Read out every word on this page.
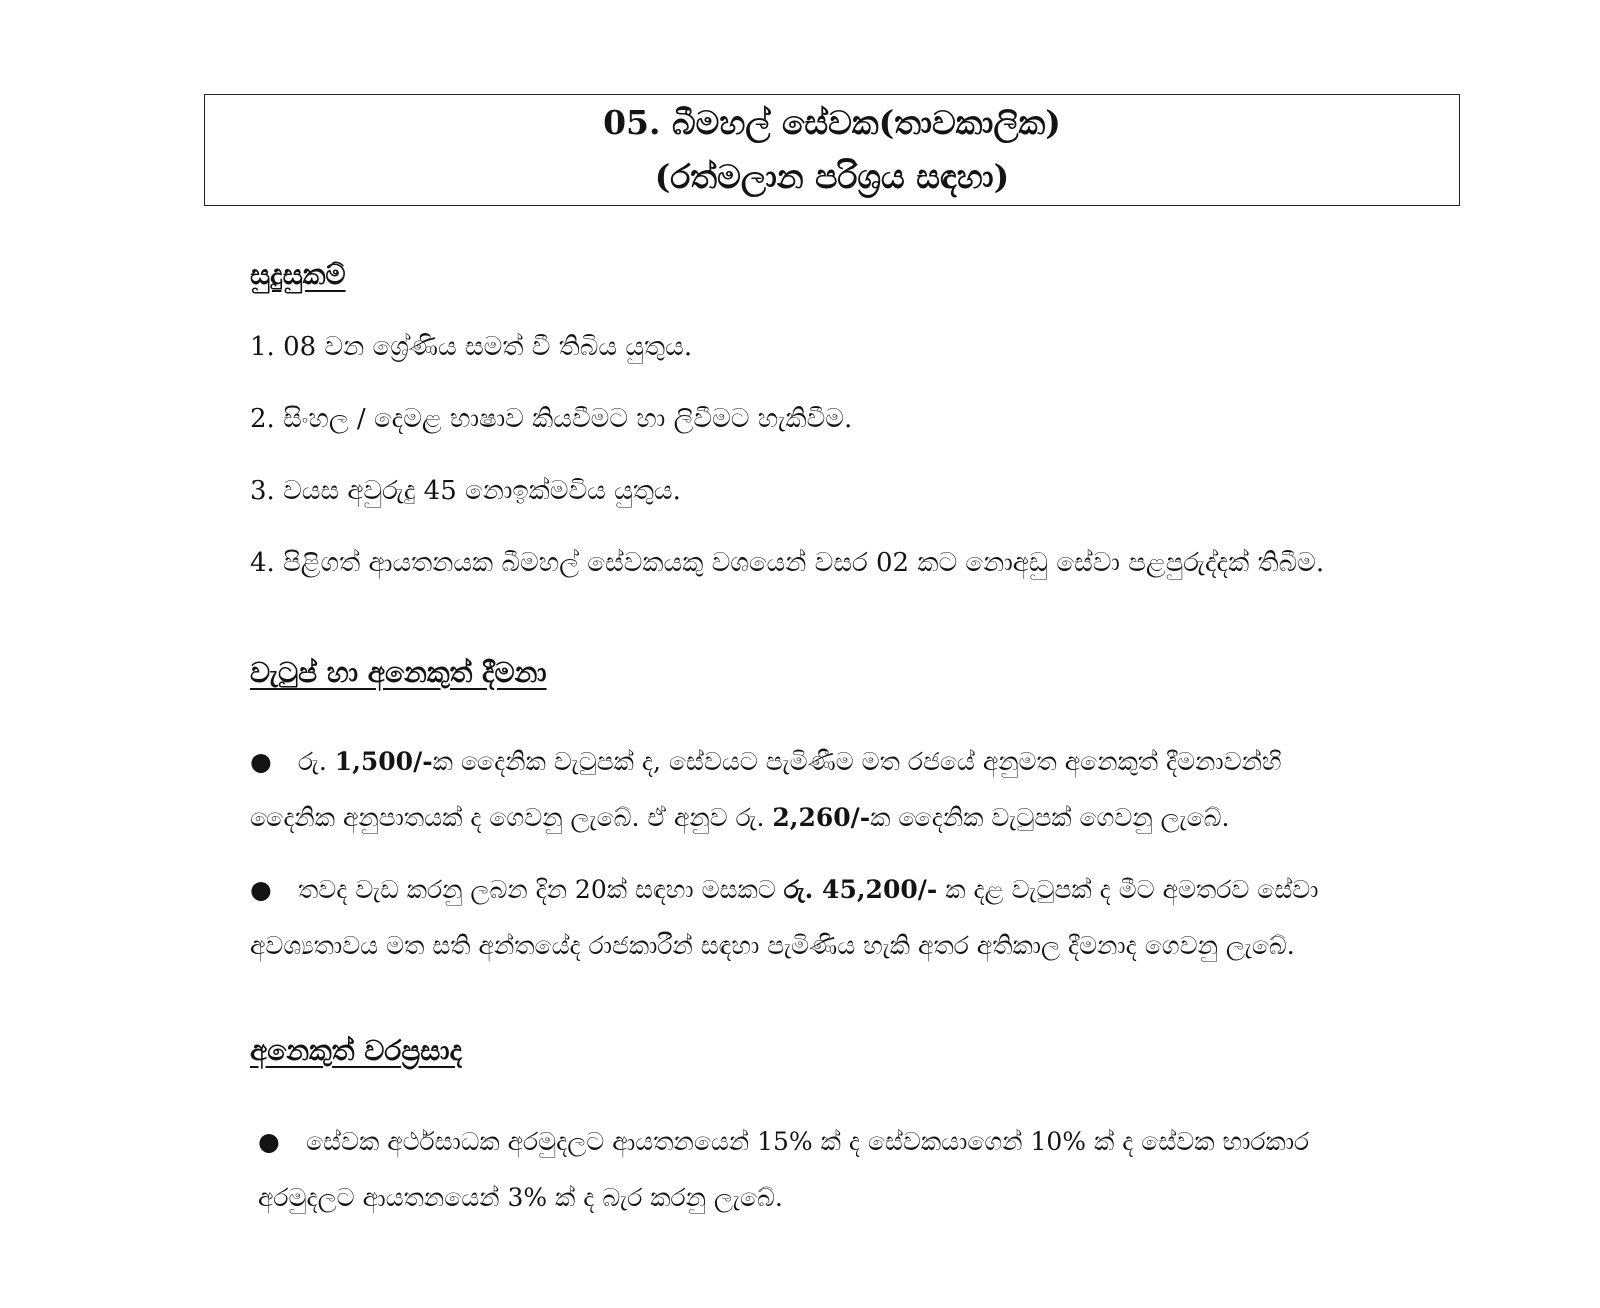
05. බීමහල් සේවක(තාවකාලික)
(රත්මලාන පරිශ්‍රය සඳහා)
සුදුසුකම්
1. 08 වන ශ්‍රේණිය සමත් වී තිබිය යුතුය.
2. සිංහල / දෙමළ භාෂාව කියවීමට හා ලිවීමට හැකිවීම.
3. වයස අවුරුදු 45 නොඉක්මවිය යුතුය.
4. පිළිගත් ආයතනයක බීමහල් සේවකයකු වශයෙන් වසර 02 කට නොඅඩු සේවා පළපුරුද්දක් තිබීම.
වැටුප් හා අනෙකුත් දීමනා
● රු. 1,500/-ක දෛනික වැටුපක් ද, සේවයට පැමිණීම මත රජයේ අනුමත අනෙකුත් දීමනාවන්හි
දෛනික අනුපාතයක් ද ගෙවනු ලැබේ. ඒ අනුව රු. 2,260/-ක දෛනික වැටුපක් ගෙවනු ලැබේ.
● තවද වැඩ කරනු ලබන දින 20ක් සඳහා මසකට රු. 45,200/- ක දළ වැටුපක් ද මීට අමතරව සේවා
අවශ්‍යතාවය මත සති අන්තයේද රාජකාරීන් සඳහා පැමිණිය හැකි අතර අතිකාල දීමනාද ගෙවනු ලැබේ.
අනෙකුත් වරප්‍රසාද
● සේවක අර්ථසාධක අරමුදලට ආයතනයෙන් 15% ක් ද සේවකයාගෙන් 10% ක් ද සේවක භාරකාර
අරමුදලට ආයතනයෙන් 3% ක් ද බැර කරනු ලැබේ.
